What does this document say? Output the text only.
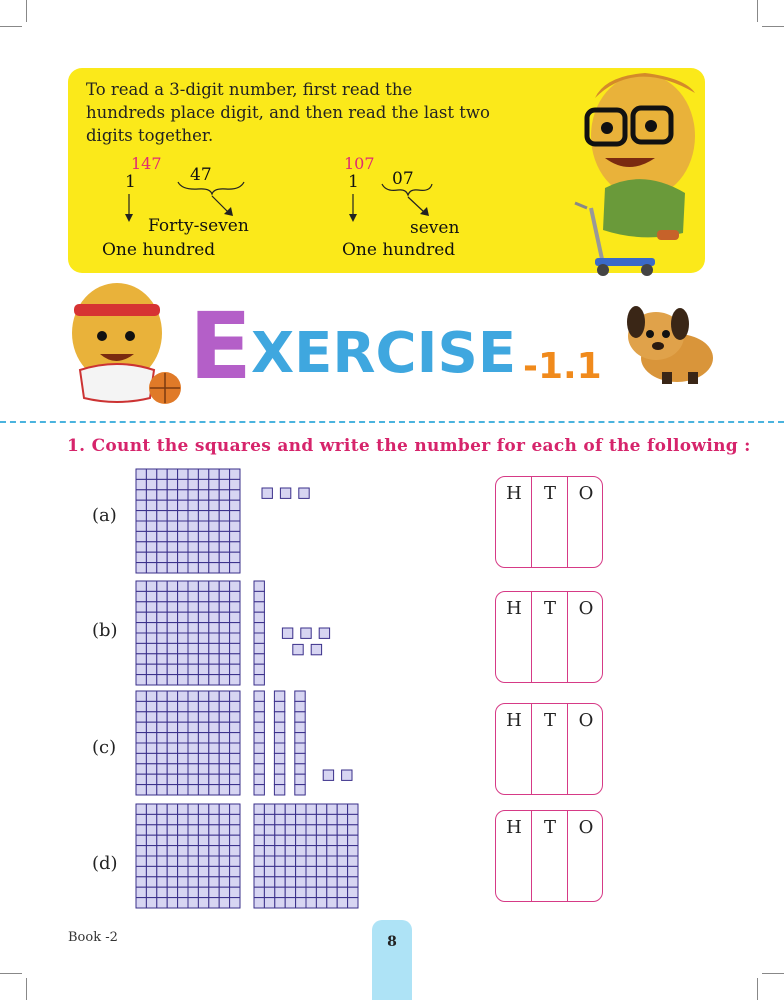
To read a 3-digit number, first read the
hundreds place digit, and then read the last two
digits together.
147
1	47
Forty-seven
One hundred
107
1 07
seven
One hundred
E XERCISE -1.1
1. Count the squares and write the number for each of the following :
(a)
(b)
(c)
(d)
H	T	O
H	T	O
H	T	O
H	T	O
Book -2	8
